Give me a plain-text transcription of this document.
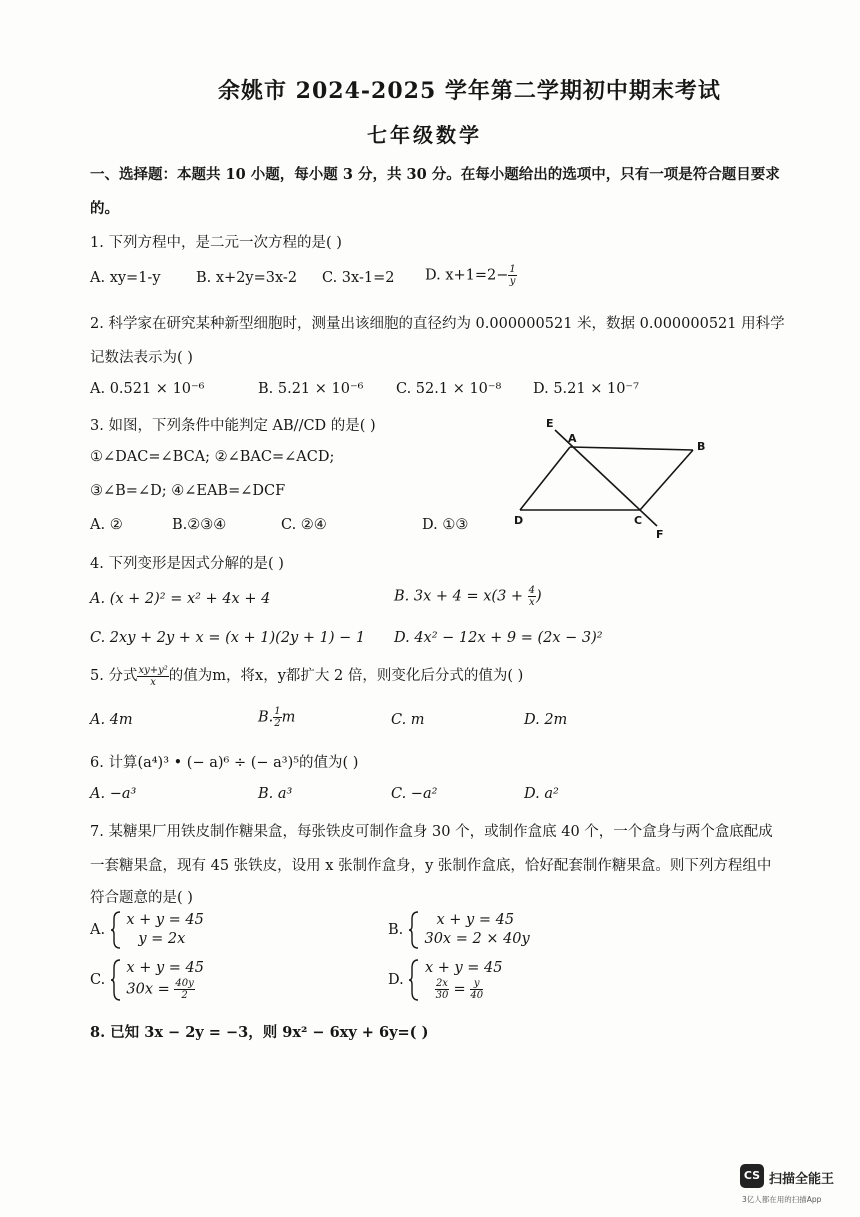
余姚市 2024-2025 学年第二学期初中期末考试
七年级数学
一、选择题：本题共 10 小题，每小题 3 分，共 30 分。在每小题给出的选项中，只有一项是符合题目要求
的。
1. 下列方程中，是二元一次方程的是( )
A. xy=1-y B. x+2y=3x-2 C. 3x-1=2 D. $x+1=2- \frac{1}{y}$
2. 科学家在研究某种新型细胞时，测量出该细胞的直径约为 0.000000521 米，数据 0.000000521 用科学
记数法表示为( )
A. 0.521 × 10⁻⁶	B. 5.21 × 10⁻⁶ C. 52.1 × 10⁻⁸ D. 5.21 × 10⁻⁷
3. 如图，下列条件中能判定 AB//CD 的是( )
①∠DAC=∠BCA; ②∠BAC=∠ACD;
③∠B=∠D; ④∠EAB=∠DCF
A. ②	B.②③④	C. ②④	D. ①③
E
A
B
D	C
F
4. 下列变形是因式分解的是( )
A. (x + 2)² = x² + 4x + 4	B. $3x + 4 = x(3 + \frac{4}{x}$ )
C. 2xy + 2y + x = (x + 1)(2y + 1) − 1 D. 4x² − 12x + 9 = (2x − 3)²
5. 分式 $\frac{\text{xy+y²}}{x}$ 的值为m，将x，y都扩大 2 倍，则变化后分式的值为( )
A. 4m	B. $\frac{1}{2}$ m	C. m	D. 2m
6. 计算(a⁴)³ • (− a)⁶ ÷ (− a³)⁵的值为( )
A. −a³	B. a³	C. −a²	D. a²
7. 某糖果厂用铁皮制作糖果盒，每张铁皮可制作盒身 30 个，或制作盒底 40 个，一个盒身与两个盒底配成
一套糖果盒，现有 45 张铁皮，设用 x 张制作盒身，y 张制作盒底，恰好配套制作糖果盒。则下列方程组中
符合题意的是( )
A.
x + y = 45
y = 2x
B.
x + y = 45
30x = 2 × 40y
C.
x + y = 45
$30x = \frac{40y}{2}$	D.
x + y = 45
$\frac{2x}{30} = \frac{y}{40}$
8. 已知 3x − 2y = −3，则 9x² − 6xy + 6y=( )
CS 扫描全能王
3亿人都在用的扫描App
